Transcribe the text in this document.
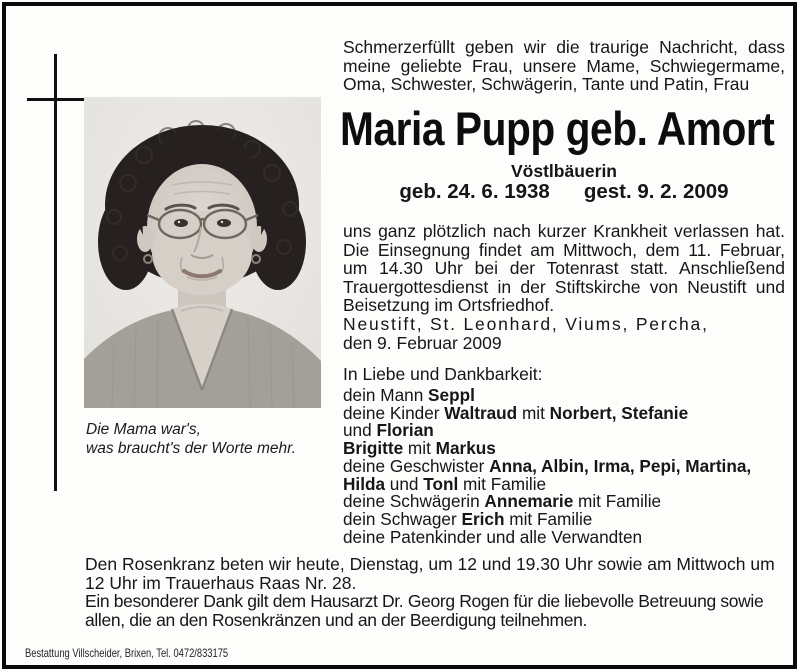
Die Mama war's,
was braucht's der Worte mehr.

Schmerzerfüllt geben wir die traurige Nachricht, dass meine geliebte Frau, unsere Mame, Schwiegermame, Oma, Schwester, Schwägerin, Tante und Patin, Frau

Maria Pupp geb. Amort
Vöstlbäuerin
geb. 24. 6. 1938 gest. 9. 2. 2009

uns ganz plötzlich nach kurzer Krankheit verlassen hat. Die Einsegnung findet am Mittwoch, dem 11. Februar, um 14.30 Uhr bei der Totenrast statt. Anschließend Trauergottesdienst in der Stiftskirche von Neustift und Beisetzung im Ortsfriedhof.

Neustift, St. Leonhard, Viums, Percha,
den 9. Februar 2009
In Liebe und Dankbarkeit:
dein Mann Seppl
deine Kinder Waltraud mit Norbert, Stefanie
und Florian
Brigitte mit Markus
deine Geschwister Anna, Albin, Irma, Pepi, Martina,
Hilda und Tonl mit Familie
deine Schwägerin Annemarie mit Familie
dein Schwager Erich mit Familie
deine Patenkinder und alle Verwandten

Den Rosenkranz beten wir heute, Dienstag, um 12 und 19.30 Uhr sowie am Mittwoch um 12 Uhr im Trauerhaus Raas Nr. 28.

Ein besonderer Dank gilt dem Hausarzt Dr. Georg Rogen für die liebevolle Betreuung sowie allen, die an den Rosenkränzen und an der Beerdigung teilnehmen.

Bestattung Villscheider, Brixen, Tel. 0472/833175
